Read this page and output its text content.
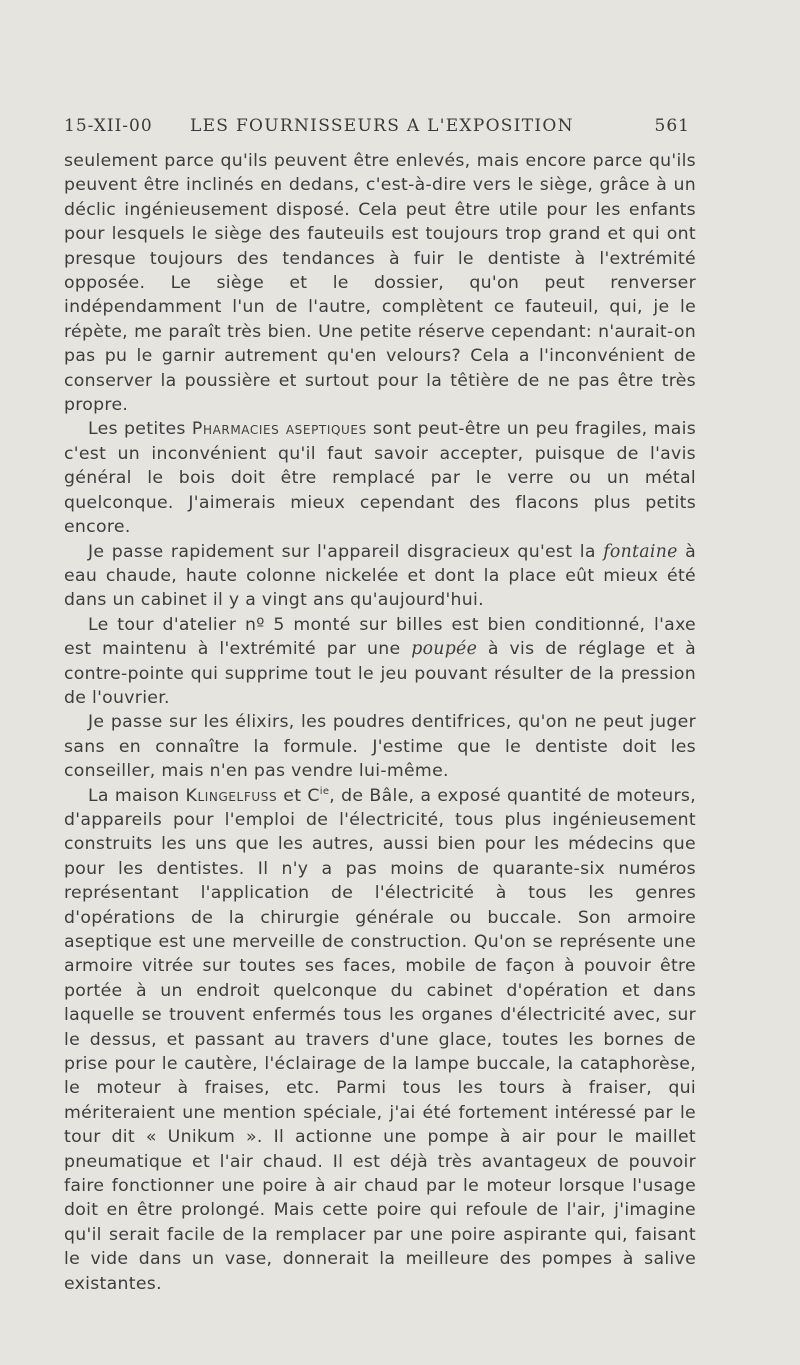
15-XII-00 LES FOURNISSEURS A L'EXPOSITION	561

seulement parce qu'ils peuvent être enlevés, mais encore parce qu'ils peuvent être inclinés en dedans, c'est-à-dire vers le siège, grâce à un déclic ingénieusement disposé. Cela peut être utile pour les enfants pour lesquels le siège des fauteuils est toujours trop grand et qui ont presque toujours des tendances à fuir le dentiste à l'extrémité opposée. Le siège et le dossier, qu'on peut renverser indépendamment l'un de l'autre, complètent ce fauteuil, qui, je le répète, me paraît très bien. Une petite réserve cependant: n'aurait-on pas pu le garnir autrement qu'en velours? Cela a l'inconvénient de conserver la poussière et surtout pour la têtière de ne pas être très propre.

Les petites Pharmacies aseptiques sont peut-être un peu fragiles, mais c'est un inconvénient qu'il faut savoir accepter, puisque de l'avis général le bois doit être remplacé par le verre ou un métal quelconque. J'aimerais mieux cependant des flacons plus petits encore.

Je passe rapidement sur l'appareil disgracieux qu'est la fontaine à eau chaude, haute colonne nickelée et dont la place eût mieux été dans un cabinet il y a vingt ans qu'aujourd'hui.

Le tour d'atelier nº 5 monté sur billes est bien conditionné, l'axe est maintenu à l'extrémité par une poupée à vis de réglage et à contre-pointe qui supprime tout le jeu pouvant résulter de la pression de l'ouvrier.

Je passe sur les élixirs, les poudres dentifrices, qu'on ne peut juger sans en connaître la formule. J'estime que le dentiste doit les conseiller, mais n'en pas vendre lui-même.

La maison Klingelfuss et $C^{ie}$, de Bâle, a exposé quantité de moteurs, d'appareils pour l'emploi de l'électricité, tous plus ingénieusement construits les uns que les autres, aussi bien pour les médecins que pour les dentistes. Il n'y a pas moins de quarante-six numéros représentant l'application de l'électricité à tous les genres d'opérations de la chirurgie générale ou buccale. Son armoire aseptique est une merveille de construction. Qu'on se représente une armoire vitrée sur toutes ses faces, mobile de façon à pouvoir être portée à un endroit quelconque du cabinet d'opération et dans laquelle se trouvent enfermés tous les organes d'électricité avec, sur le dessus, et passant au travers d'une glace, toutes les bornes de prise pour le cautère, l'éclairage de la lampe buccale, la cataphorèse, le moteur à fraises, etc. Parmi tous les tours à fraiser, qui mériteraient une mention spéciale, j'ai été fortement intéressé par le tour dit « Unikum ». Il actionne une pompe à air pour le maillet pneumatique et l'air chaud. Il est déjà très avantageux de pouvoir faire fonctionner une poire à air chaud par le moteur lorsque l'usage doit en être prolongé. Mais cette poire qui refoule de l'air, j'imagine qu'il serait facile de la remplacer par une poire aspirante qui, faisant le vide dans un vase, donnerait la meilleure des pompes à salive existantes.
